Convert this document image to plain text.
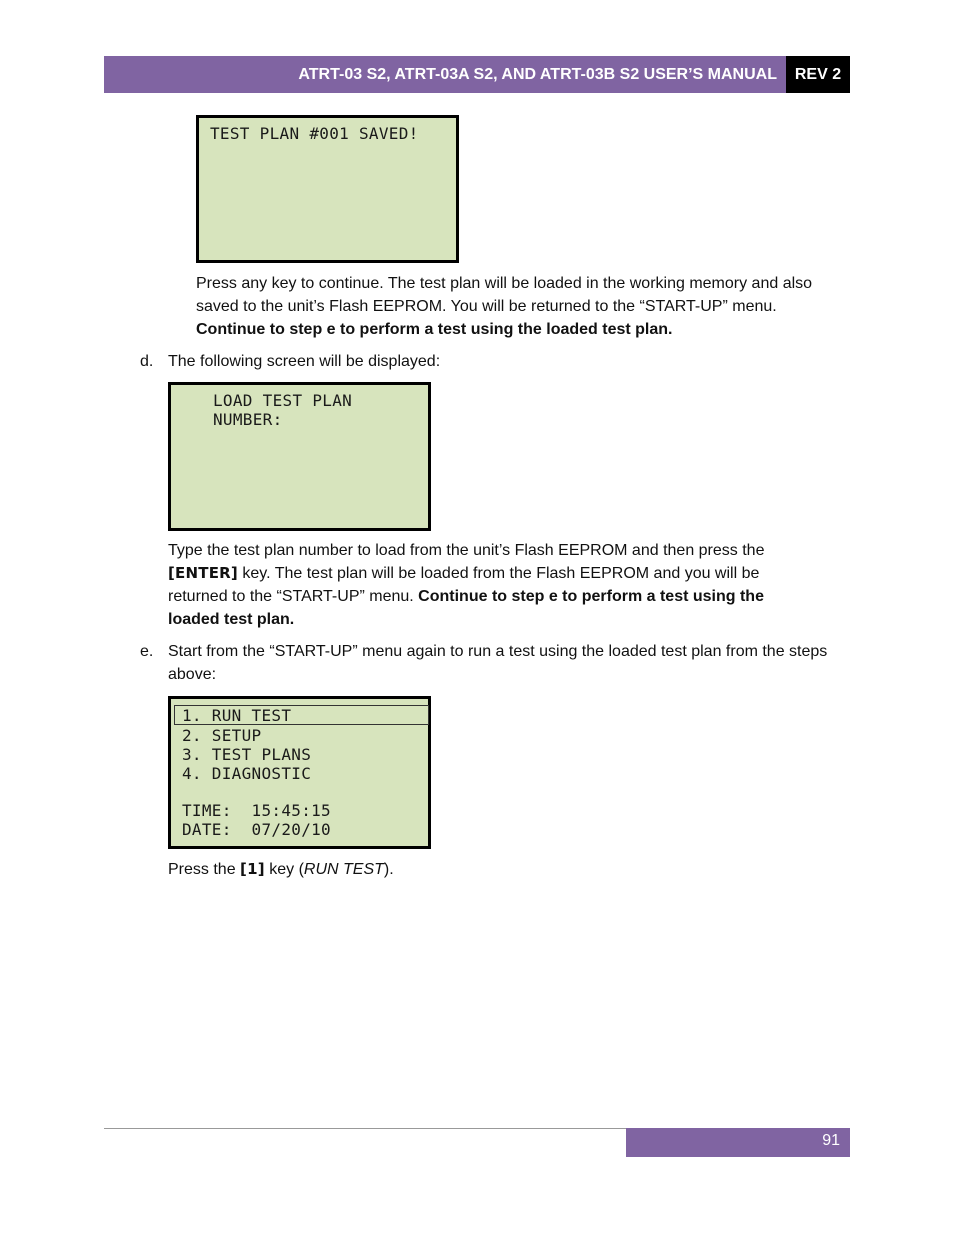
ATRT-03 S2, ATRT-03A S2, AND ATRT-03B S2 USER’S MANUAL	REV 2
TEST PLAN #001 SAVED!
Press any key to continue. The test plan will be loaded in the working memory and also saved to the unit’s Flash EEPROM. You will be returned to the “START-UP” menu. Continue to step e to perform a test using the loaded test plan.
d. The following screen will be displayed:
LOAD TEST PLAN
NUMBER:
Type the test plan number to load from the unit’s Flash EEPROM and then press the [ENTER] key. The test plan will be loaded from the Flash EEPROM and you will be returned to the “START-UP” menu. Continue to step e to perform a test using the loaded test plan.
e. Start from the “START-UP” menu again to run a test using the loaded test plan from the steps above:
1. RUN TEST
2. SETUP
3. TEST PLANS
4. DIAGNOSTIC
TIME:  15:45:15
DATE:  07/20/10
Press the [1] key (RUN TEST).
91
